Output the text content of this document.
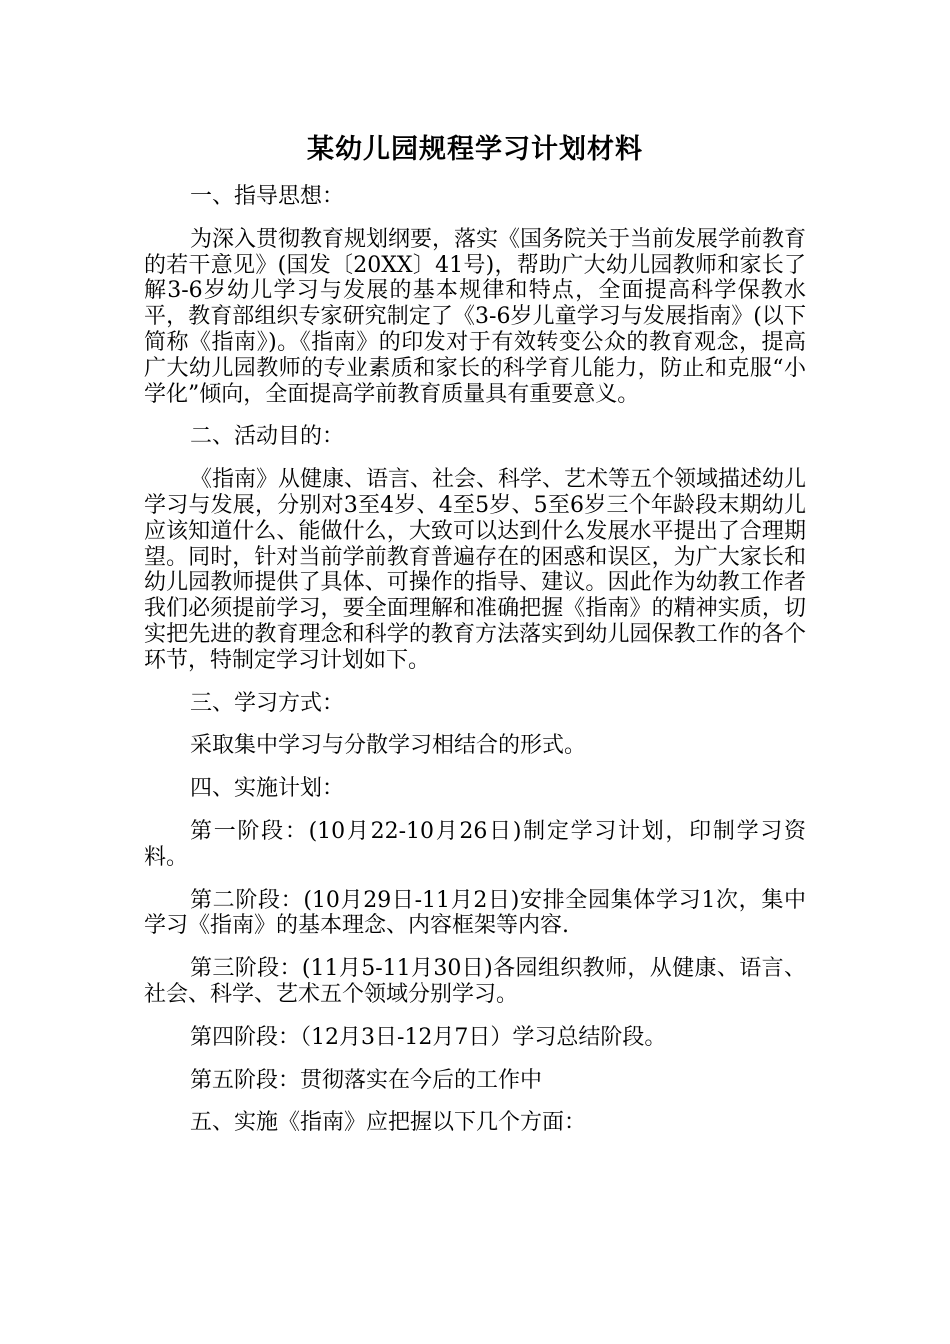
某幼儿园规程学习计划材料

一、指导思想：

为深入贯彻教育规划纲要，落实《国务院关于当前发展学前教育的若干意见》(国发〔20XX〕41号)，帮助广大幼儿园教师和家长了解3-6岁幼儿学习与发展的基本规律和特点，全面提高科学保教水平，教育部组织专家研究制定了《3-6岁儿童学习与发展指南》(以下简称《指南》)。《指南》的印发对于有效转变公众的教育观念，提高广大幼儿园教师的专业素质和家长的科学育儿能力，防止和克服“小学化”倾向，全面提高学前教育质量具有重要意义。

二、活动目的：

《指南》从健康、语言、社会、科学、艺术等五个领域描述幼儿学习与发展，分别对3至4岁、4至5岁、5至6岁三个年龄段末期幼儿应该知道什么、能做什么，大致可以达到什么发展水平提出了合理期望。同时，针对当前学前教育普遍存在的困惑和误区，为广大家长和幼儿园教师提供了具体、可操作的指导、建议。因此作为幼教工作者我们必须提前学习，要全面理解和准确把握《指南》的精神实质，切实把先进的教育理念和科学的教育方法落实到幼儿园保教工作的各个环节，特制定学习计划如下。

三、学习方式：

采取集中学习与分散学习相结合的形式。

四、实施计划：

第一阶段：(10月22-10月26日)制定学习计划，印制学习资料。

第二阶段：(10月29日-11月2日)安排全园集体学习1次，集中学习《指南》的基本理念、内容框架等内容.

第三阶段：(11月5-11月30日)各园组织教师，从健康、语言、社会、科学、艺术五个领域分别学习。

第四阶段：（12月3日-12月7日）学习总结阶段。

第五阶段：贯彻落实在今后的工作中

五、实施《指南》应把握以下几个方面：
